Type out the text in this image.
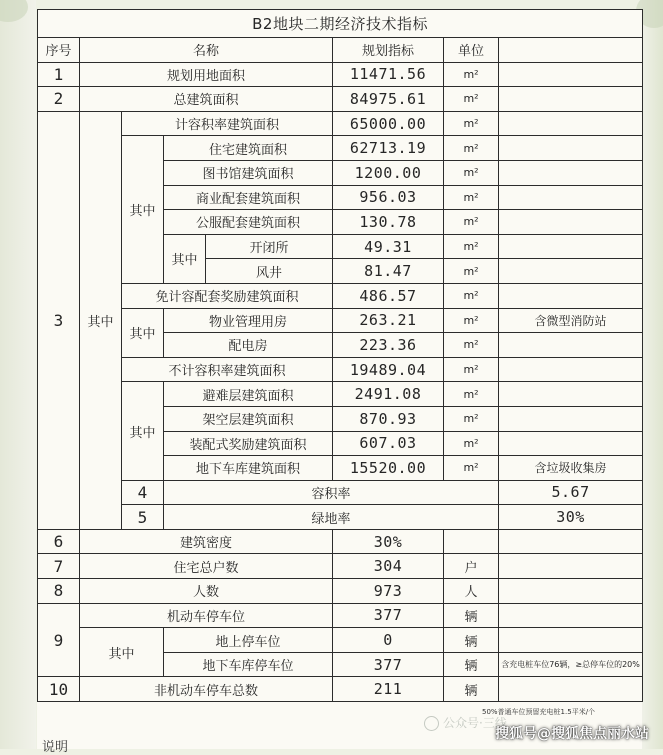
B2地块二期经济技术指标								
序号	名称				规划指标	单位		
1	规划用地面积				11471.56	m²		
2	总建筑面积				84975.61	m²		
3	其中	计容积率建筑面积			65000.00	m²		
		其中	住宅建筑面积		62713.19	m²		
			图书馆建筑面积		1200.00	m²		
			商业配套建筑面积		956.03	m²		
			公服配套建筑面积		130.78	m²		
			其中	开闭所	49.31	m²		
				风井	81.47	m²		
		免计容配套奖励建筑面积			486.57	m²		
		其中	物业管理用房		263.21	m²	含微型消防站	
			配电房		223.36	m²		
		不计容积率建筑面积			19489.04	m²		
		其中	避难层建筑面积		2491.08	m²		
			架空层建筑面积		870.93	m²		
			装配式奖励建筑面积		607.03	m²		
			地下车库建筑面积		15520.00	m²	含垃圾收集房	
		4	容积率				5.67		
		5	绿地率				30%		
6	建筑密度				30%			
7	住宅总户数				304	户		
8	人数				973	人		
9	机动车停车位				377	辆		
	其中		地上停车位		0	辆		
			地下车库停车位		377	辆	含充电桩车位76辆，≥总停车位的20%	
10	非机动车停车总数				211	辆		
50%普通车位预留充电桩1.5平米/个
说明
公众号·三线
搜狐号@搜狐焦点丽水站
